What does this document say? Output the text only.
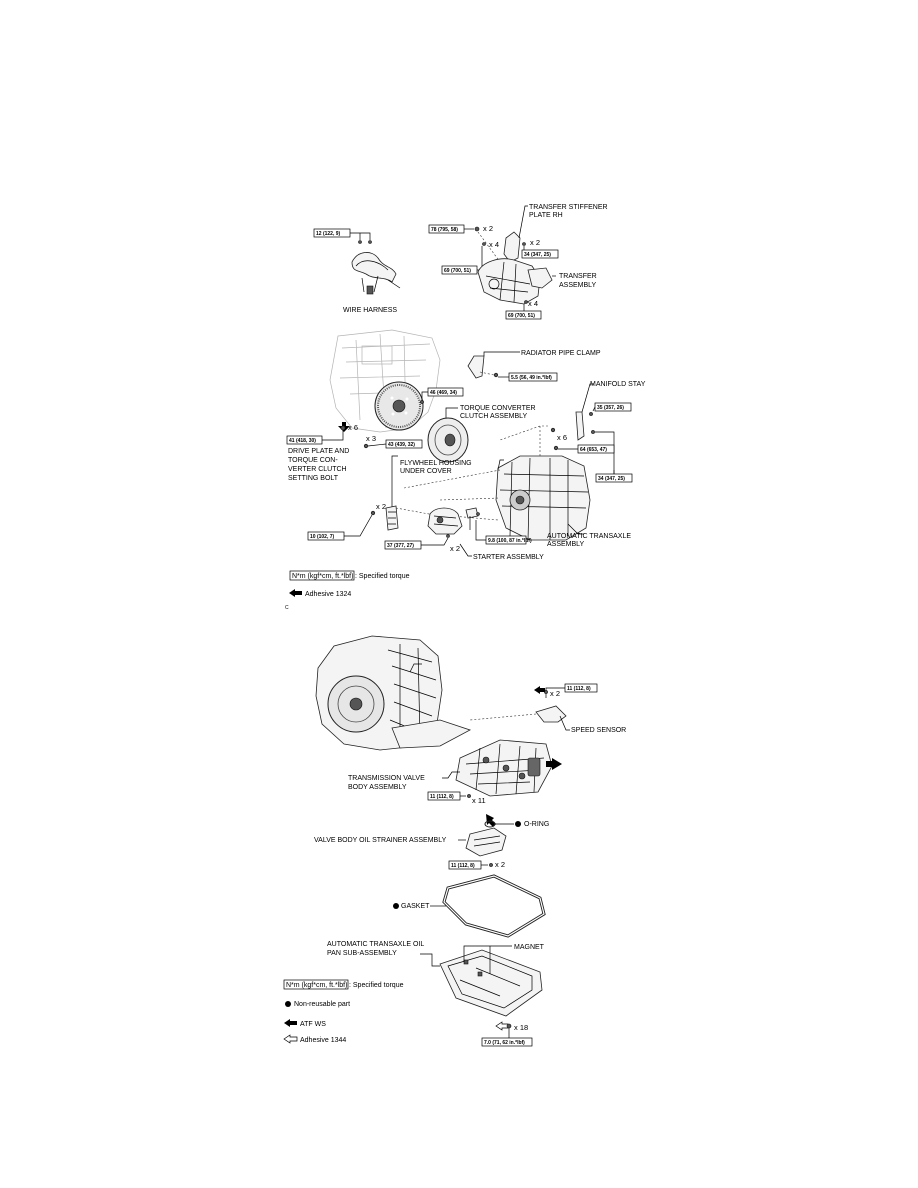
12 (122, 9)
WIRE HARNESS
78 (795, 58)	x 2
x 4
69 (700, 51)
TRANSFER STIFFENER
PLATE RH
x 2
34 (347, 25)
TRANSFER
ASSEMBLY
x 4
69 (700, 51)
RADIATOR PIPE CLAMP
5.5 (56, 49 in.*lbf)
46 (469, 34)
TORQUE CONVERTER
CLUTCH ASSEMBLY
MANIFOLD STAY
35 (357, 26)
x 6
41 (418, 30)
DRIVE PLATE AND
TORQUE CON-
VERTER CLUTCH
SETTING BOLT
x 3
43 (439, 32)
x 6
64 (653, 47)
34 (347, 25)
FLYWHEEL HOUSING
UNDER COVER
x 2
10 (102, 7)	AUTOMATIC TRANSAXLE
ASSEMBLY
9.8 (100, 87 in.*lbf)
37 (377, 27)	x 2
STARTER ASSEMBLY
N*m (kgf*cm, ft.*lbf) : Specified torque
Adhesive 1324
C
11 (112, 8)
x 2
SPEED SENSOR
TRANSMISSION VALVE
BODY ASSEMBLY
11 (112, 8) x 11
O-RING
VALVE BODY OIL STRAINER ASSEMBLY
11 (112, 8)	x 2
GASKET
MAGNET
AUTOMATIC TRANSAXLE OIL
PAN SUB-ASSEMBLY
x 18
7.0 (71, 62 in.*lbf)
N*m (kgf*cm, ft.*lbf) : Specified torque
Non-reusable part
ATF WS
Adhesive 1344
